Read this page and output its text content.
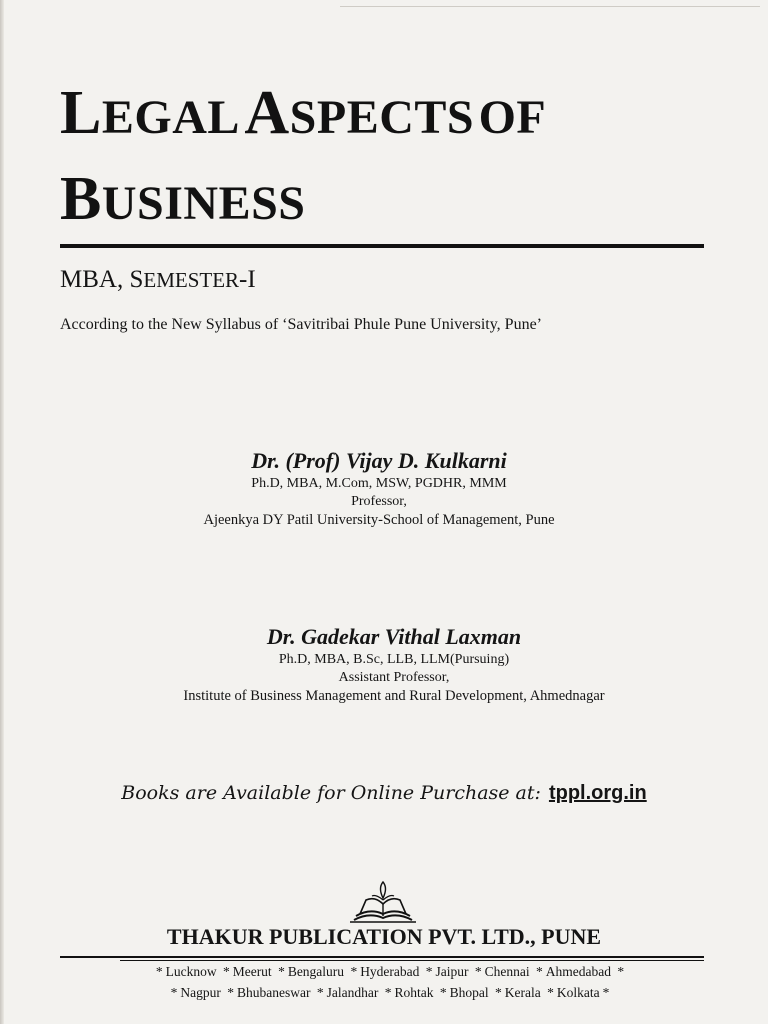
LEGAL ASPECTS OF
BUSINESS
MBA, SEMESTER-I
According to the New Syllabus of ‘Savitribai Phule Pune University, Pune’
Dr. (Prof) Vijay D. Kulkarni
Ph.D, MBA, M.Com, MSW, PGDHR, MMM
Professor,
Ajeenkya DY Patil University-School of Management, Pune
Dr. Gadekar Vithal Laxman
Ph.D, MBA, B.Sc, LLB, LLM(Pursuing)
Assistant Professor,
Institute of Business Management and Rural Development, Ahmednagar
Books are Available for Online Purchase at: tppl.org.in
THAKUR PUBLICATION PVT. LTD., PUNE
* Lucknow * Meerut * Bengaluru * Hyderabad * Jaipur * Chennai * Ahmedabad *
* Nagpur * Bhubaneswar * Jalandhar * Rohtak * Bhopal * Kerala * Kolkata *
